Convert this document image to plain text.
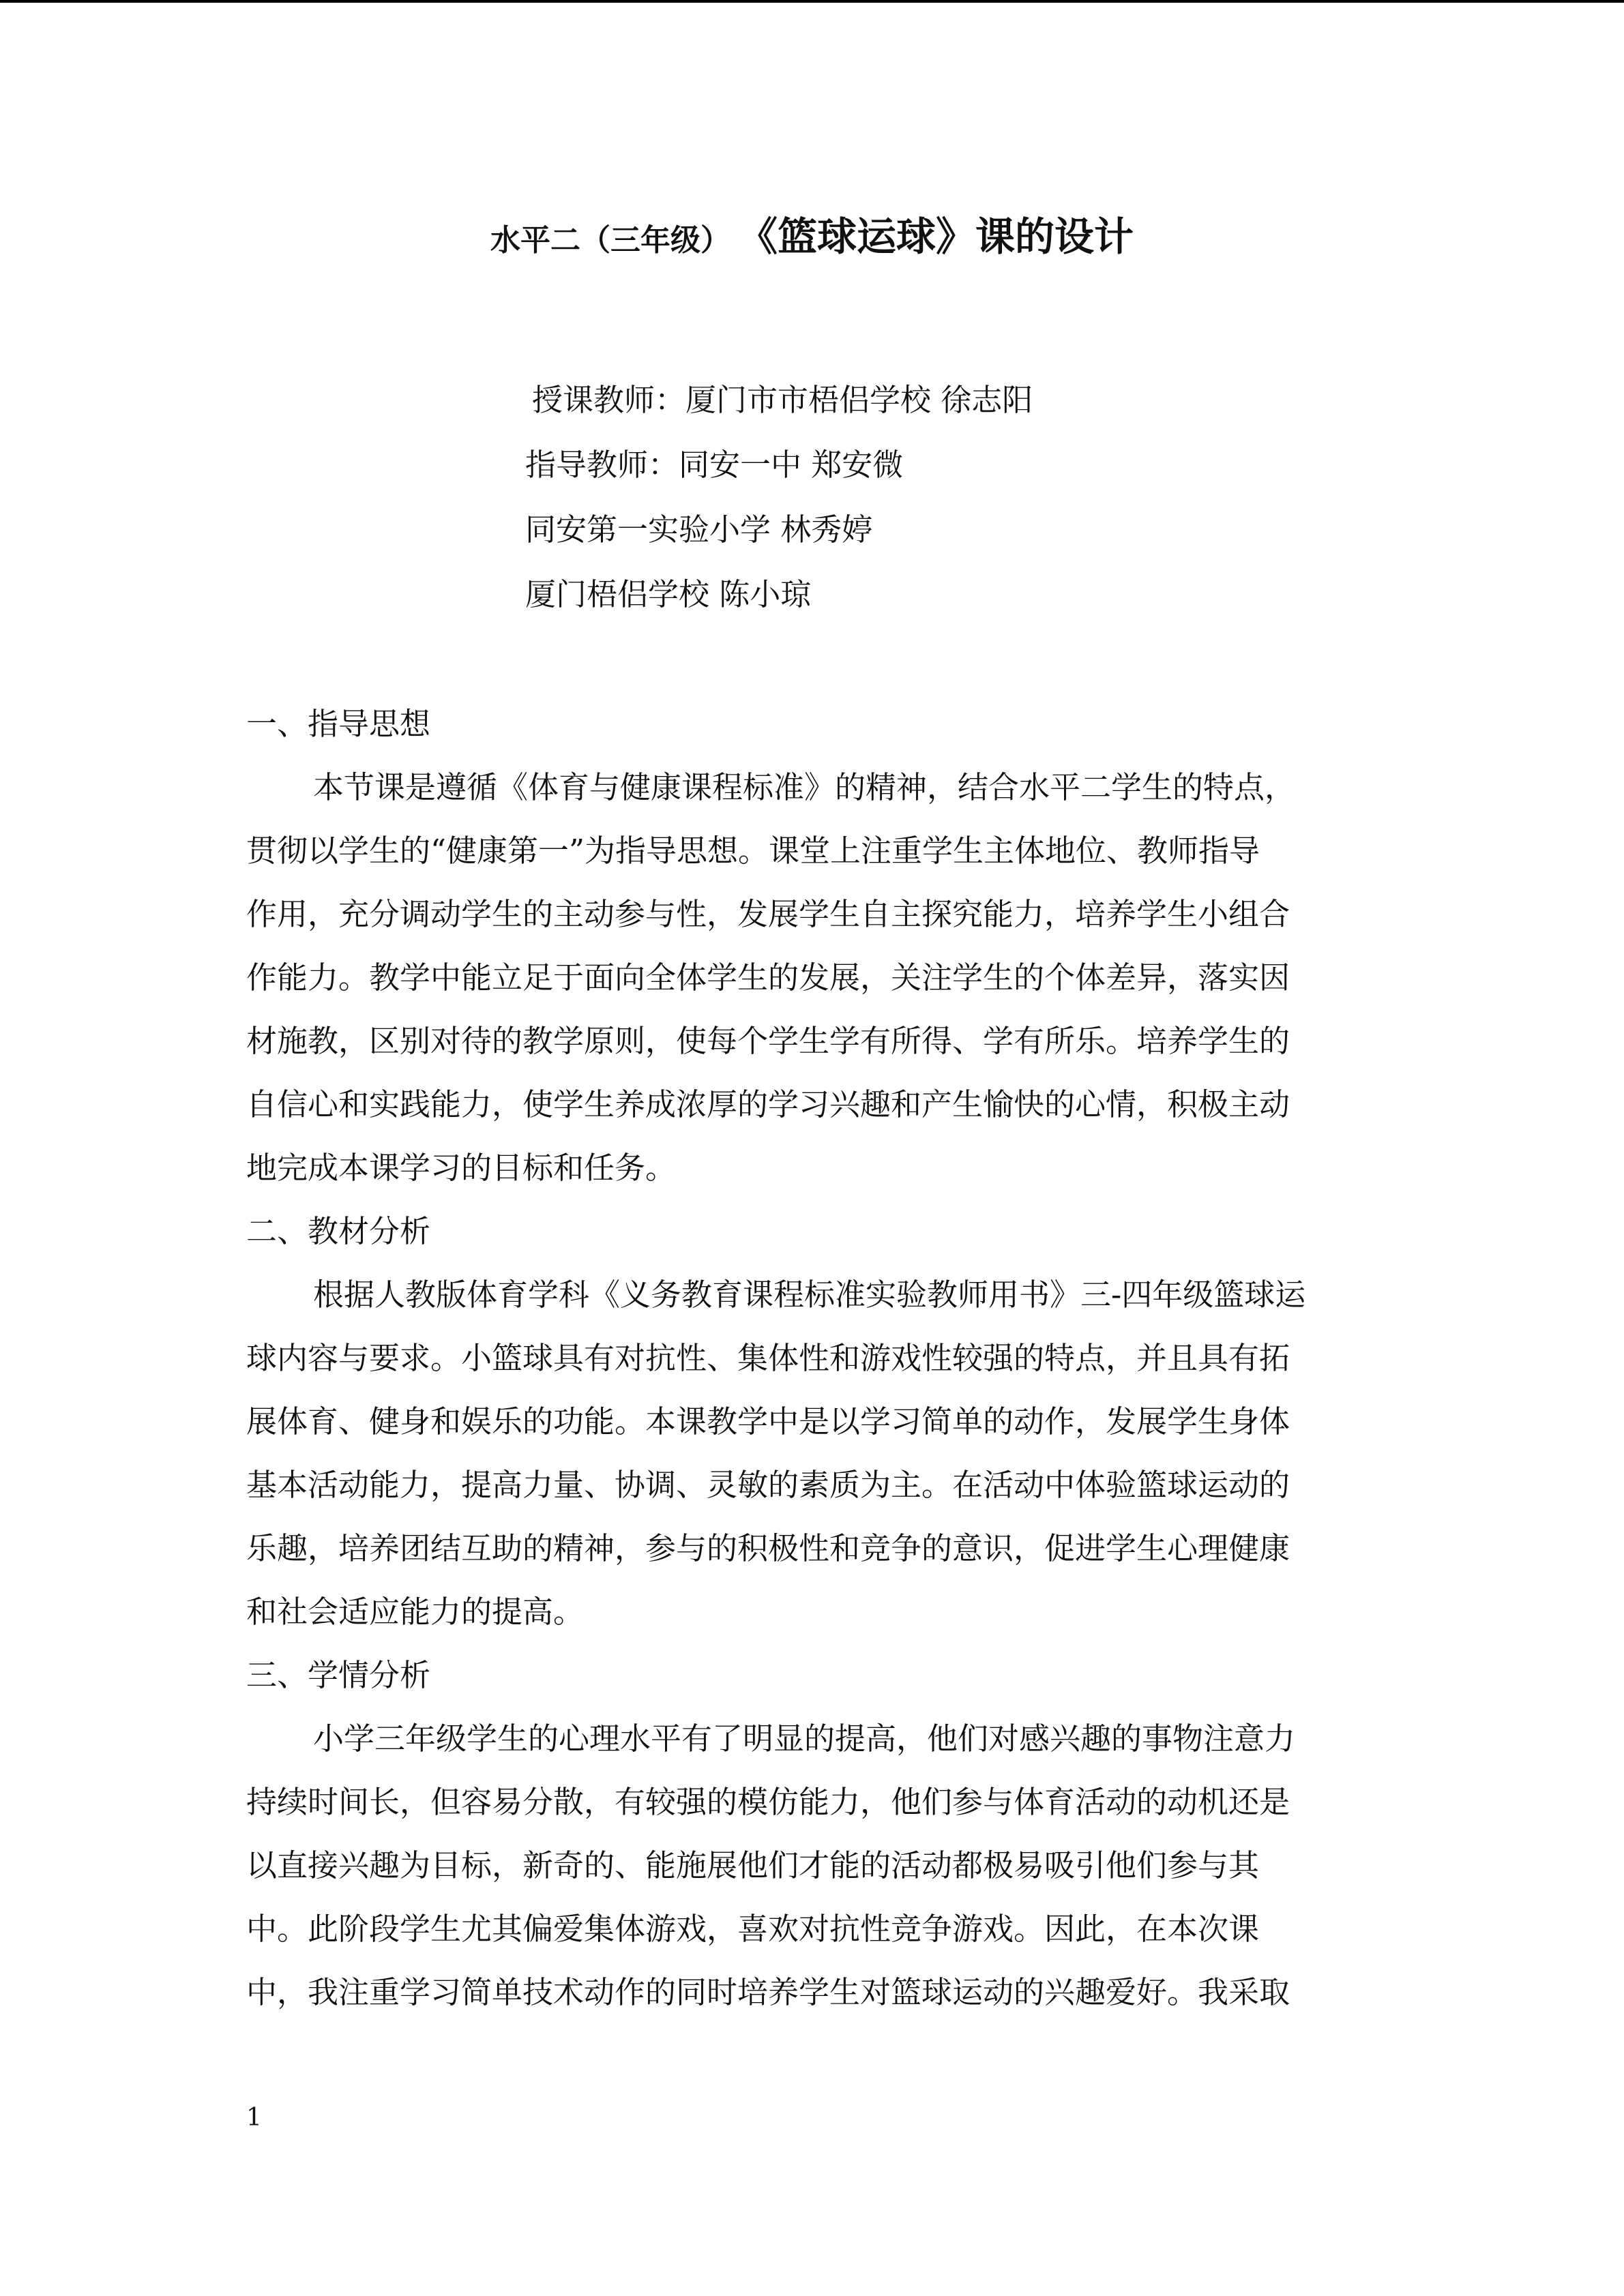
水平二（三年级） 《篮球运球》课的设计
授课教师：厦门市市梧侣学校 徐志阳
指导教师：同安一中 郑安微
同安第一实验小学 林秀婷
厦门梧侣学校 陈小琼
一、指导思想
本节课是遵循《体育与健康课程标准》的精神，结合水平二学生的特点，
贯彻以学生的“健康第一”为指导思想。课堂上注重学生主体地位、教师指导
作用，充分调动学生的主动参与性，发展学生自主探究能力，培养学生小组合
作能力。教学中能立足于面向全体学生的发展，关注学生的个体差异，落实因
材施教，区别对待的教学原则，使每个学生学有所得、学有所乐。培养学生的
自信心和实践能力，使学生养成浓厚的学习兴趣和产生愉快的心情，积极主动
地完成本课学习的目标和任务。
二、教材分析
根据人教版体育学科《义务教育课程标准实验教师用书》三-四年级篮球运
球内容与要求。小篮球具有对抗性、集体性和游戏性较强的特点，并且具有拓
展体育、健身和娱乐的功能。本课教学中是以学习简单的动作，发展学生身体
基本活动能力，提高力量、协调、灵敏的素质为主。在活动中体验篮球运动的
乐趣，培养团结互助的精神，参与的积极性和竞争的意识，促进学生心理健康
和社会适应能力的提高。
三、学情分析
小学三年级学生的心理水平有了明显的提高，他们对感兴趣的事物注意力
持续时间长，但容易分散，有较强的模仿能力，他们参与体育活动的动机还是
以直接兴趣为目标，新奇的、能施展他们才能的活动都极易吸引他们参与其
中。此阶段学生尤其偏爱集体游戏，喜欢对抗性竞争游戏。因此，在本次课
中，我注重学习简单技术动作的同时培养学生对篮球运动的兴趣爱好。我采取
1
